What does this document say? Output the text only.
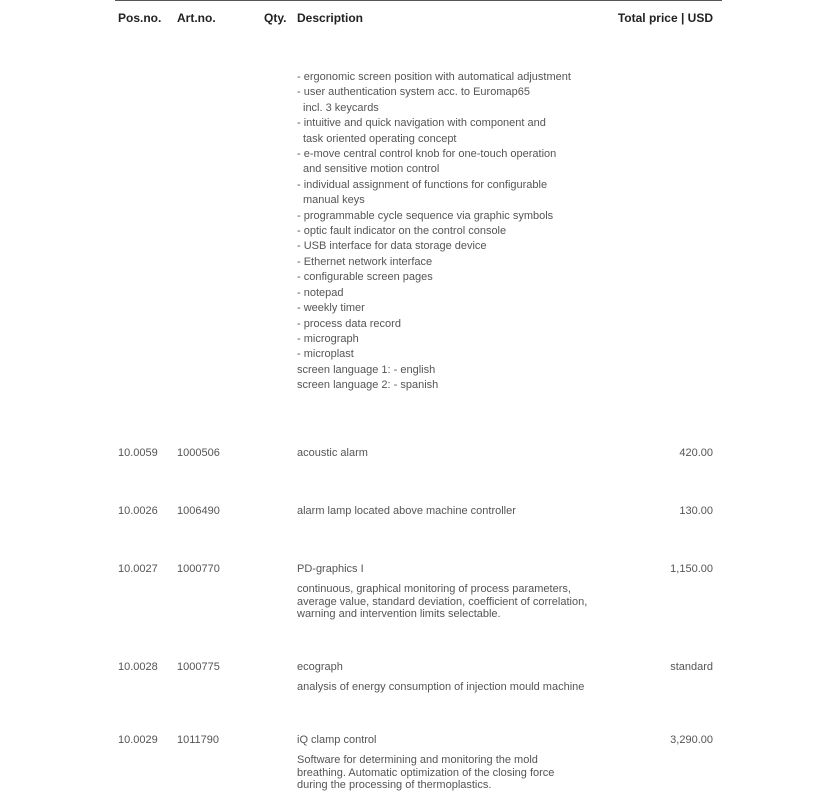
Pos.no. Art.no.	Qty. Description	Total price | USD
- ergonomic screen position with automatical adjustment
- user authentication system acc. to Euromap65
incl. 3 keycards
- intuitive and quick navigation with component and
task oriented operating concept
- e-move central control knob for one-touch operation
and sensitive motion control
- individual assignment of functions for configurable
manual keys
- programmable cycle sequence via graphic symbols
- optic fault indicator on the control console
- USB interface for data storage device
- Ethernet network interface
- configurable screen pages
- notepad
- weekly timer
- process data record
- micrograph
- microplast
screen language 1: - english
screen language 2: - spanish
10.0059 1000506	acoustic alarm	420.00
10.0026 1006490	alarm lamp located above machine controller	130.00
10.0027 1000770	PD-graphics I	1,150.00
continuous, graphical monitoring of process parameters,
average value, standard deviation, coefficient of correlation,
warning and intervention limits selectable.
10.0028 1000775	ecograph	standard
analysis of energy consumption of injection mould machine
10.0029 1011790	iQ clamp control	3,290.00
Software for determining and monitoring the mold
breathing. Automatic optimization of the closing force
during the processing of thermoplastics.
